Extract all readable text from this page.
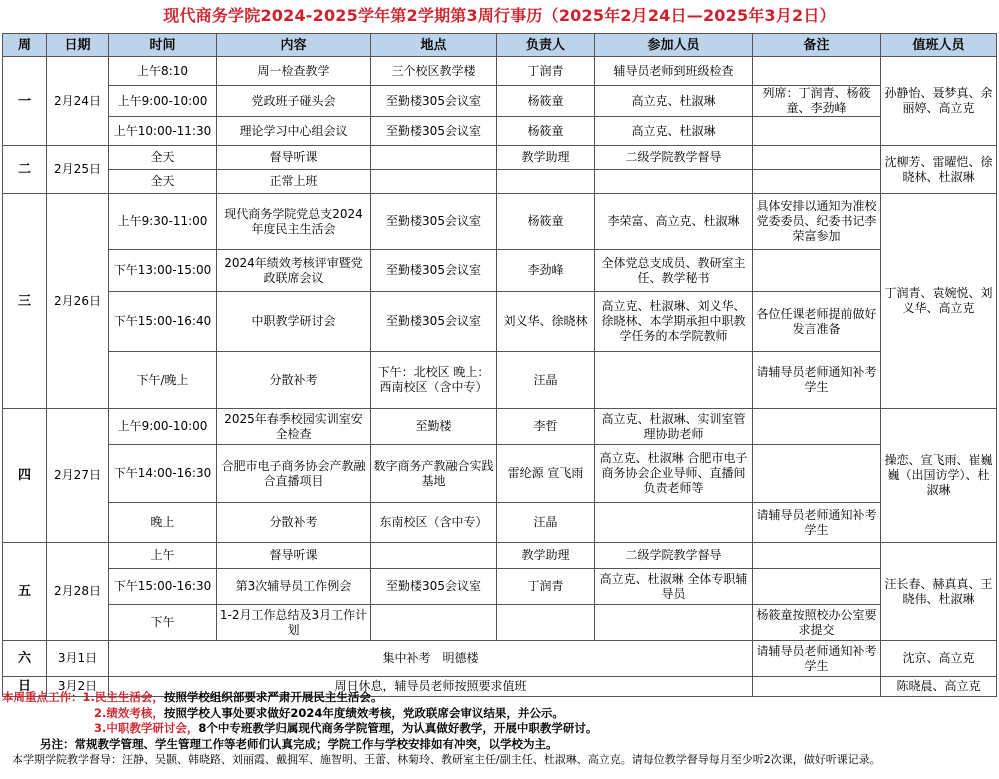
现代商务学院2024-2025学年第2学期第3周行事历（2025年2月24日—2025年3月2日）
周	日期	时间	内容	地点	负责人	参加人员	备注	值班人员
一	2月24日	上午8:10	周一检查教学	三个校区教学楼	丁润青	辅导员老师到班级检查		孙静怡、聂梦真、余丽婷、高立克
		上午9:00-10:00	党政班子碰头会	至勤楼305会议室	杨筱童	高立克、杜淑琳	列席：丁润青、杨筱童、李劲峰	
		上午10:00-11:30	理论学习中心组会议	至勤楼305会议室	杨筱童	高立克、杜淑琳		
二	2月25日	全天	督导听课		教学助理	二级学院教学督导		沈柳芳、雷曜恺、徐晓林、杜淑琳
		全天	正常上班					
三	2月26日	上午9:30-11:00	现代商务学院党总支2024年度民主生活会	至勤楼305会议室	杨筱童	李荣富、高立克、杜淑琳	具体安排以通知为准校党委委员、纪委书记李荣富参加	丁润青、袁婉悦、刘义华、高立克
		下午13:00-15:00	2024年绩效考核评审暨党政联席会议	至勤楼305会议室	李劲峰	全体党总支成员、教研室主任、教学秘书		
		下午15:00-16:40	中职教学研讨会	至勤楼305会议室	刘义华、徐晓林	高立克、杜淑琳、刘义华、徐晓林、本学期承担中职教学任务的本学院教师	各位任课老师提前做好发言准备	
		下午/晚上	分散补考	下午：北校区 晚上：西南校区（含中专）	汪晶		请辅导员老师通知补考学生	
四	2月27日	上午9:00-10:00	2025年春季校园实训室安全检查	至勤楼	李哲	高立克、杜淑琳、实训室管理协助老师		操恋、宣飞雨、崔巍巍（出国访学）、杜淑琳
		下午14:00-16:30	合肥市电子商务协会产教融合直播项目	数字商务产教融合实践基地	雷纶源 宣飞雨	高立克、杜淑琳 合肥市电子商务协会企业导师、直播间负责老师等		
		晚上	分散补考	东南校区（含中专）	汪晶		请辅导员老师通知补考学生	
五	2月28日	上午	督导听课		教学助理	二级学院教学督导		汪长春、赫真真、王晓伟、杜淑琳
		下午15:00-16:30	第3次辅导员工作例会	至勤楼305会议室	丁润青	高立克、杜淑琳 全体专职辅导员		
		下午	1-2月工作总结及3月工作计划				杨筱童按照校办公室要求提交	
六	3月1日	集中补考　明德楼					请辅导员老师通知补考学生	沈京、高立克
日	3月2日	周日休息，辅导员老师按照要求值班						陈晓晨、高立克
本周重点工作：1.民主生活会，按照学校组织部要求严肃开展民主生活会。
2.绩效考核，按照学校人事处要求做好2024年度绩效考核，党政联席会审议结果，并公示。
3.中职教学研讨会，8个中专班教学归属现代商务学院管理，为认真做好教学，开展中职教学研讨。
另注：常规教学管理、学生管理工作等老师们认真完成；学院工作与学校安排如有冲突，以学校为主。
本学期学院教学督导：汪静、吴颢、韩晓路、刘丽霞、戴拥军、施智明、王蕾、林菊玲、教研室主任/副主任、杜淑琳、高立克。请每位教学督导每月至少听2次课，做好听课记录。
